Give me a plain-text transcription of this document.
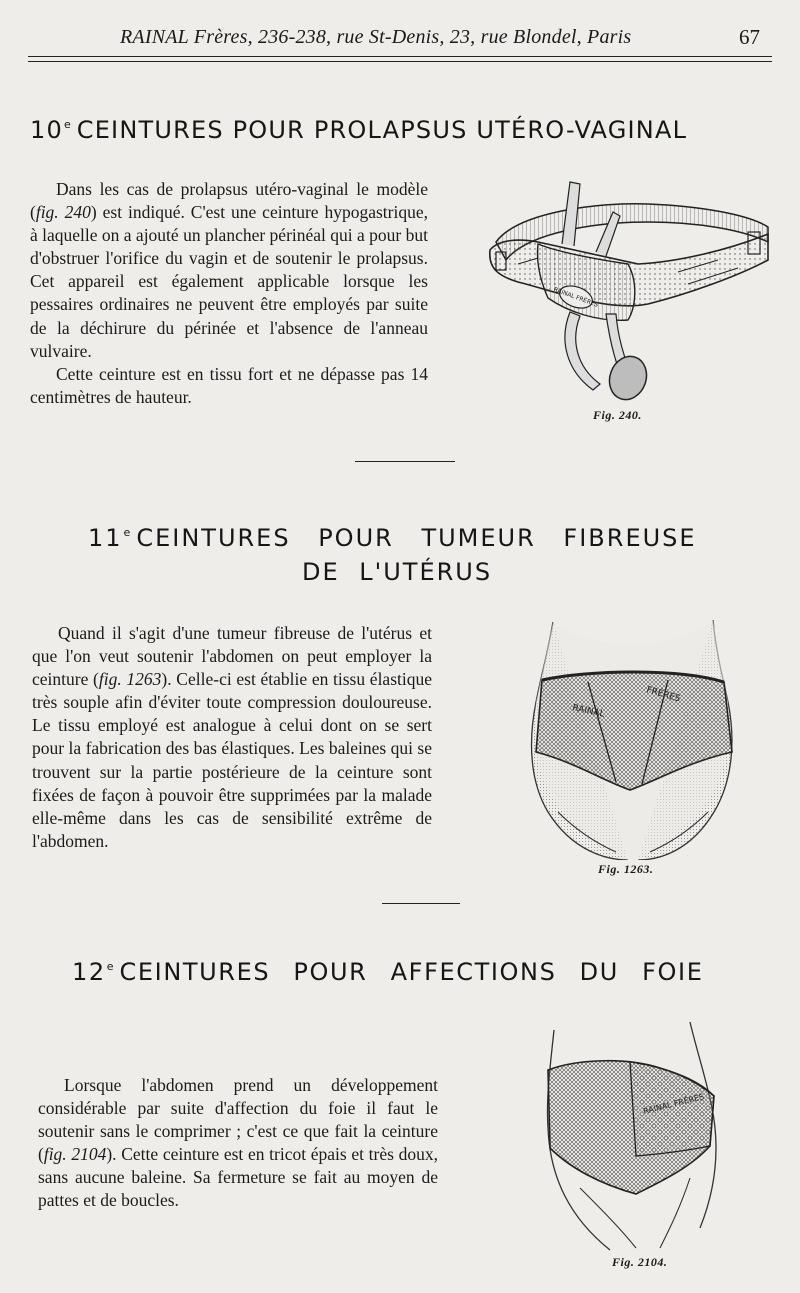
RAINAL Frères, 236-238, rue St-Denis, 23, rue Blondel, Paris	67
10e CEINTURES POUR PROLAPSUS UTÉRO-VAGINAL

Dans les cas de prolapsus utéro-vaginal le modèle (fig. 240) est indiqué. C'est une ceinture hypogastrique, à laquelle on a ajouté un plancher périnéal qui a pour but d'obstruer l'orifice du vagin et de soutenir le prolapsus. Cet appareil est également applicable lorsque les pessaires ordinaires ne peuvent être employés par suite de la déchirure du périnée et l'absence de l'anneau vulvaire.

Cette ceinture est en tissu fort et ne dépasse pas 14 centimètres de hauteur.

RAINAL FRÈRES
Fig. 240.
11e CEINTURES POUR TUMEUR FIBREUSE
DE L'UTÉRUS

Quand il s'agit d'une tumeur fibreuse de l'utérus et que l'on veut soutenir l'abdomen on peut employer la ceinture (fig. 1263). Celle-ci est établie en tissu élastique très souple afin d'éviter toute compression douloureuse. Le tissu employé est analogue à celui dont on se sert pour la fabrication des bas élastiques. Les baleines qui se trouvent sur la partie postérieure de la ceinture sont fixées de façon à pouvoir être supprimées par la malade elle-même dans les cas de sensibilité extrême de l'abdomen.

RAINAL
FRÈRES
Fig. 1263.
12e CEINTURES POUR AFFECTIONS DU FOIE

Lorsque l'abdomen prend un développement considérable par suite d'affection du foie il faut le soutenir sans le comprimer ; c'est ce que fait la ceinture (fig. 2104). Cette ceinture est en tricot épais et très doux, sans aucune baleine. Sa fermeture se fait au moyen de pattes et de boucles.

RAINAL FRÈRES
Fig. 2104.
